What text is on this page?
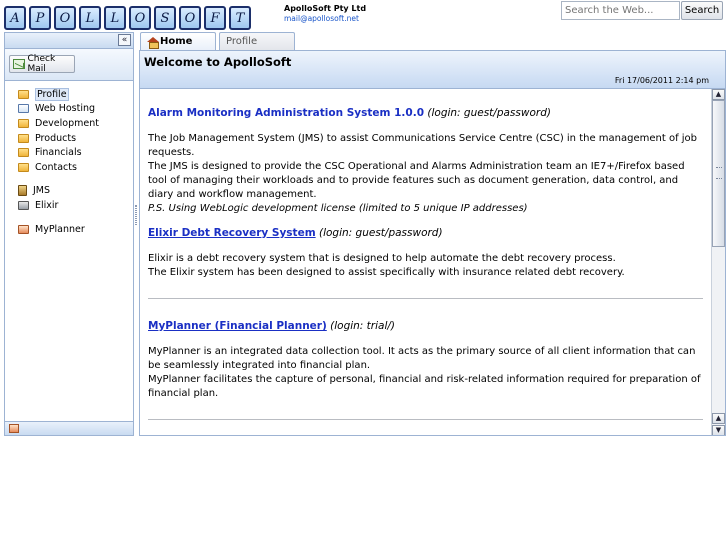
A	P	O	L	L	O	S	O	F	T
ApolloSoft Pty Ltd
mail@apollosoft.net
Search the Web...
Search
«
Check Mail
Profile
Web Hosting
Development
Products
Financials
Contacts
JMS
Elixir
MyPlanner
Home	Profile
Welcome to ApolloSoft
Fri 17/06/2011 2:14 pm
Alarm Monitoring Administration System 1.0.0 (login: guest/password)

The Job Management System (JMS) to assist Communications Service Centre (CSC) in the management of job requests.

The JMS is designed to provide the CSC Operational and Alarms Administration team an IE7+/Firefox based tool of managing their workloads and to provide features such as document generation, data control, and diary and workflow management.

P.S. Using WebLogic development license (limited to 5 unique IP addresses)

Elixir Debt Recovery System (login: guest/password)

Elixir is a debt recovery system that is designed to help automate the debt recovery process.

The Elixir system has been designed to assist specifically with insurance related debt recovery.

MyPlanner (Financial Planner) (login: trial/)

MyPlanner is an integrated data collection tool. It acts as the primary source of all client information that can be seamlessly integrated into financial plan.

MyPlanner facilitates the capture of personal, financial and risk-related information required for preparation of financial plan.

▲
▲
▼
